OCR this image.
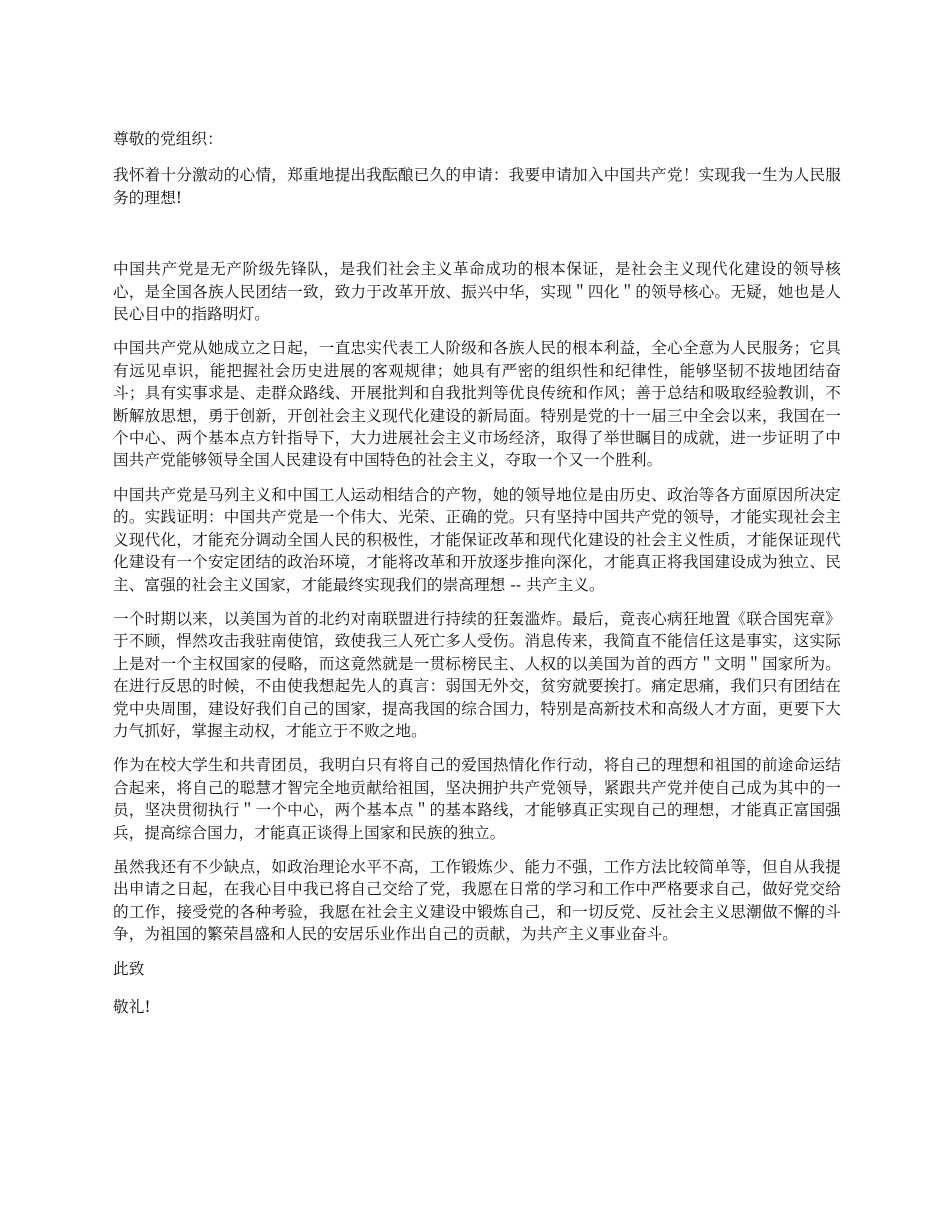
尊敬的党组织：

我怀着十分激动的心情，郑重地提出我酝酿已久的申请：我要申请加入中国共产党！实现我一生为人民服务的理想!

中国共产党是无产阶级先锋队，是我们社会主义革命成功的根本保证，是社会主义现代化建设的领导核心，是全国各族人民团结一致，致力于改革开放、振兴中华，实现＂四化＂的领导核心。无疑，她也是人民心目中的指路明灯。

中国共产党从她成立之日起，一直忠实代表工人阶级和各族人民的根本利益，全心全意为人民服务；它具有远见卓识，能把握社会历史进展的客观规律；她具有严密的组织性和纪律性，能够坚韧不拔地团结奋斗；具有实事求是、走群众路线、开展批判和自我批判等优良传统和作风；善于总结和吸取经验教训，不断解放思想，勇于创新，开创社会主义现代化建设的新局面。特别是党的十一届三中全会以来，我国在一个中心、两个基本点方针指导下，大力进展社会主义市场经济，取得了举世瞩目的成就，进一步证明了中国共产党能够领导全国人民建设有中国特色的社会主义，夺取一个又一个胜利。

中国共产党是马列主义和中国工人运动相结合的产物，她的领导地位是由历史、政治等各方面原因所决定的。实践证明：中国共产党是一个伟大、光荣、正确的党。只有坚持中国共产党的领导，才能实现社会主义现代化，才能充分调动全国人民的积极性，才能保证改革和现代化建设的社会主义性质，才能保证现代化建设有一个安定团结的政治环境，才能将改革和开放逐步推向深化，才能真正将我国建设成为独立、民主、富强的社会主义国家，才能最终实现我们的崇高理想 -- 共产主义。

一个时期以来，以美国为首的北约对南联盟进行持续的狂轰滥炸。最后，竟丧心病狂地置《联合国宪章》于不顾，悍然攻击我驻南使馆，致使我三人死亡多人受伤。消息传来，我简直不能信任这是事实，这实际上是对一个主权国家的侵略，而这竟然就是一贯标榜民主、人权的以美国为首的西方＂文明＂国家所为。在进行反思的时候，不由使我想起先人的真言：弱国无外交，贫穷就要挨打。痛定思痛，我们只有团结在党中央周围，建设好我们自己的国家，提高我国的综合国力，特别是高新技术和高级人才方面，更要下大力气抓好，掌握主动权，才能立于不败之地。

作为在校大学生和共青团员，我明白只有将自己的爱国热情化作行动，将自己的理想和祖国的前途命运结合起来，将自己的聪慧才智完全地贡献给祖国，坚决拥护共产党领导，紧跟共产党并使自己成为其中的一员，坚决贯彻执行＂一个中心，两个基本点＂的基本路线，才能够真正实现自己的理想，才能真正富国强兵，提高综合国力，才能真正谈得上国家和民族的独立。

虽然我还有不少缺点，如政治理论水平不高，工作锻炼少、能力不强，工作方法比较简单等，但自从我提出申请之日起，在我心目中我已将自己交给了党，我愿在日常的学习和工作中严格要求自己，做好党交给的工作，接受党的各种考验，我愿在社会主义建设中锻炼自己，和一切反党、反社会主义思潮做不懈的斗争，为祖国的繁荣昌盛和人民的安居乐业作出自己的贡献，为共产主义事业奋斗。

此致

敬礼!
